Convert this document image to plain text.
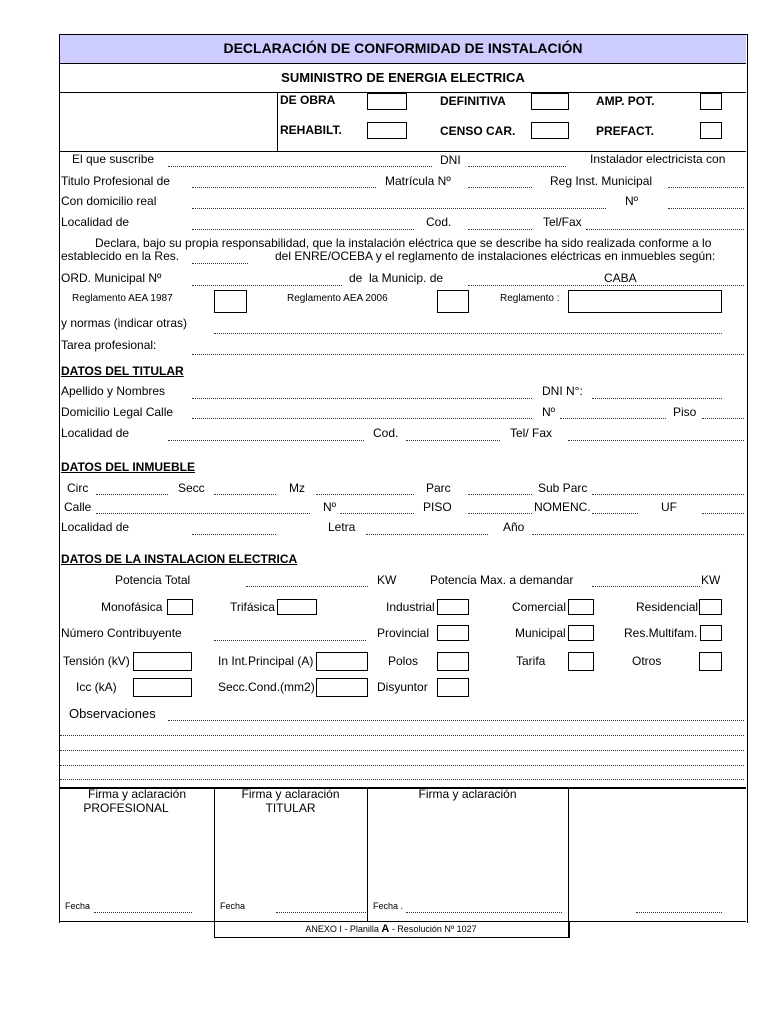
DECLARACIÓN DE CONFORMIDAD DE INSTALACIÓN
SUMINISTRO DE ENERGIA ELECTRICA
DE OBRA	DEFINITIVA	AMP. POT.
REHABILT.	CENSO CAR.	PREFACT.
El que suscribe	DNI	Instalador electricista con
Titulo Profesional de	Matrícula Nº	Reg Inst. Municipal
Con domicilio real	Nº
Localidad de	Cod.	Tel/Fax
Declara, bajo su propia responsabilidad, que la instalación eléctrica que se describe ha sido realizada conforme a lo
establecido en la Res.	del ENRE/OCEBA y el reglamento de instalaciones eléctricas en inmuebles según:
ORD. Municipal Nº	de la Municip. de	CABA
Reglamento AEA 1987	Reglamento AEA 2006	Reglamento :
y normas (indicar otras)
Tarea profesional:
DATOS DEL TITULAR
Apellido y Nombres	DNI N°:
Domicilio Legal Calle	Nº	Piso
Localidad de	Cod.	Tel/ Fax
DATOS DEL INMUEBLE
Circ	Secc	Mz	Parc	Sub Parc
Calle	Nº	PISO	NOMENC.	UF
Localidad de	Letra	Año
DATOS DE LA INSTALACION ELECTRICA
Potencia Total	KW	Potencia Max. a demandar	KW
Monofásica	Trifásica	Industrial	Comercial	Residencial
Número Contribuyente	Provincial	Municipal	Res.Multifam.
Tensión (kV)	In Int.Principal (A)	Polos	Tarifa	Otros
Icc (kA)	Secc.Cond.(mm2)	Disyuntor
Observaciones
Firma y aclaración
PROFESIONAL
Firma y aclaración
TITULAR
Firma y aclaración
Fecha	Fecha	Fecha .
ANEXO I - Planilla A - Resolución Nº 1027
